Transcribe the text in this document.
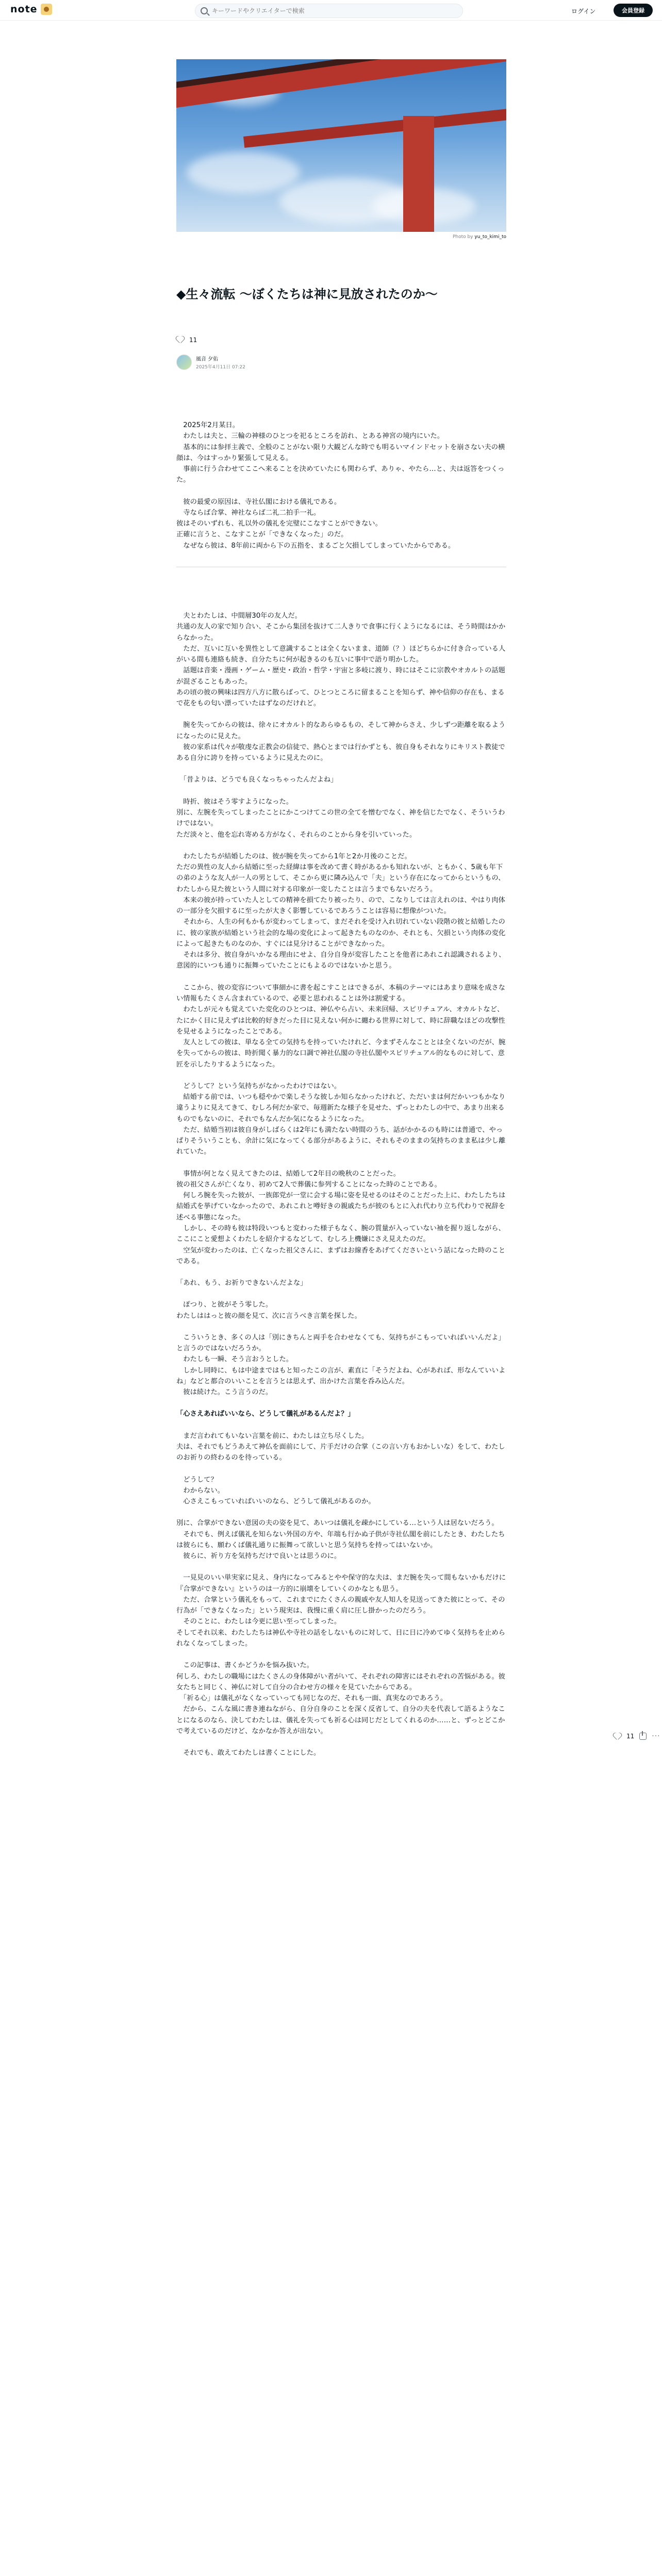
note
キーワードやクリエイターで検索	ログイン	会員登録
Photo by yu_to_kimi_to
◆生々流転 〜ぼくたちは神に見放されたのか〜
11
風音 夕佑
2025年4月11日 07:22

　2025年2月某日。

　わたしは夫と、三輪の神様のひとつを祀るところを訪れ、とある神宮の境内にいた。

　基本的には参拝主義で、全般のことがない限り大観どんな時でも明るいマインドセットを崩さない夫の横顔は、今はすっかり緊張して見える。

　事前に行う合わせてここへ来ることを決めていたにも関わらず、ありゃ、やたら…と、夫は返答をつくった。

　彼の最愛の原因は、寺社仏閣における儀礼である。

　寺ならば合掌、神社ならば二礼二拍手一礼。

彼はそのいずれも、礼以外の儀礼を完璧にこなすことができない。

正確に言うと、こなすことが「できなくなった」のだ。

　なぜなら彼は、8年前に両から下の五指を、まるごと欠損してしまっていたからである。

　夫とわたしは、中間層30年の友人だ。

共通の友人の家で知り合い、そこから集団を抜けて二人きりで食事に行くようになるには、そう時間はかからなかった。

　ただ、互いに互いを異性として意識することは全くないまま、道師（？）ほどちらかに付き合っている人がいる間も連絡も続き、自分たちに何が起きるのも互いに事中で語り明かした。

　話題は音楽・漫画・ゲーム・歴史・政治・哲学・宇宙と多岐に渡り、時にはそこに宗教やオカルトの話題が混ざることもあった。

あの頃の彼の興味は四方八方に散らばって、ひとつところに留まることを知らず、神や信仰の存在も、まるで花をもの匂い漂っていたはずなのだけれど。

　腕を失ってからの彼は、徐々にオカルト的なあらゆるもの、そして神からさえ、少しずつ距離を取るようになったのに見えた。

　彼の家系は代々が敬虔な正教会の信徒で、熱心とまでは行かずとも、彼自身もそれなりにキリスト教徒である自分に誇りを持っているように見えたのに。

　「昔よりは、どうでも良くなっちゃったんだよね」

　時折、彼はそう零すようになった。

別に、左腕を失ってしまったことにかこつけてこの世の全てを憎むでなく、神を信じたでなく、そういうわけではない。

ただ淡々と、他を忘れ寄める方がなく、それらのことから身を引いていった。

　わたしたちが結婚したのは、彼が腕を失ってから1年と2か月後のことだ。

ただの異性の友人から結婚に至った経緯は事を改めて書く時があるかも知れないが、ともかく、5歳も年下の弟のような友人が一人の男として、そこから更に隣み込んで「夫」という存在になってからというもの、わたしから見た彼という人間に対する印象が一変したことは言うまでもないだろう。

　本来の彼が持っていた人としての精神を損てたり被ったり、ので、こなりしては言えれのは、やはり肉体の一部分を欠損するに至ったが大きく影響しているであろうことは容易に想像がついた。

　それから、人生の何もかもが変わってしまって、まだそれを受け入れ切れていない段階の彼と結婚したのに、彼の家族が結婚という社会的な場の変化によって起きたものなのか、それとも、欠損という肉体の変化によって起きたものなのか、すぐには見分けることができなかった。

　それは多分、彼自身がいかなる理由にせよ、自分自身が変容したことを他者にあれこれ認識されるより、意図的にいつも通りに振舞っていたことにもよるのではないかと思う。

　ここから、彼の変容について事細かに書を起こすことはできるが、本稿のテーマにはあまり意味を成さない情報もたくさん含まれているので、必要と思われることは外は割愛する。

　わたしが元々も覚えていた変化のひとつは、神仏やら占い、未来回帰、スピリチュアル、オカルトなど、たにかく目に見えずは比較的好きだった目に見えない何かに纏わる世界に対して、時に辞職なほどの攻撃性を見せるようになったことである。

　友人としての彼は、単なる全ての気持ちを持っていたけれど、今まずそんなこととは全くないのだが、腕を失ってからの彼は、時折聞く暴力的な口調で神社仏閣の寺社仏閣やスピリチュアル的なものに対して、意匠を示したりするようになった。

　どうして？という気持ちがなかったわけではない。

　結婚する前では、いつも穏やかで楽しそうな彼しか知らなかったけれど、ただいまは何だかいつもかなり違うよりに見えてきて、むしろ何だか家で、毎週新たな様子を見せた、ずっとわたしの中で、あまり出来るものでもないのに、それでもなんだか気になるようになった。

　ただ、結婚当初は彼自身がしばらくは2年にも満たない時間のうち、話がかかるのも時には普通で、やっぱりそういうことも、余計に気になってくる部分があるように、それもそのままの気持ちのまま私は少し離れていた。

　事情が何となく見えてきたのは、結婚して2年目の晩秋のことだった。

彼の祖父さんが亡くなり、初めて2人で葬儀に参列することになった時のことである。

　何しろ腕を失った彼が、一族郎党が一堂に会する場に姿を見せるのはそのことだった上に、わたしたちは結婚式を挙げていなかったので、あれこれと噂好きの親戚たちが彼のもとに入れ代わり立ち代わりで祝辞を述べる事態になった。

　しかし、その時も彼は特段いつもと変わった様子もなく、腕の質量が入っていない袖を握り返しながら、ここにこと愛想よくわたしを紹介するなどして、むしろ上機嫌にさえ見えたのだ。

　空気が変わったのは、亡くなった祖父さんに、まずはお線香をあげてくださいという話になった時のことである。

「あれ、もう、お祈りできないんだよな」

　ぽつり、と彼がそう零した。

わたしははっと彼の顔を見て、次に言うべき言葉を探した。

　こういうとき、多くの人は「別にきちんと両手を合わせなくても、気持ちがこもっていればいいんだよ」と言うのではないだろうか。

　わたしも一瞬、そう言おうとした。

　しかし同時に、もは中途まではもと知ったこの言が、素直に「そうだよね、心があれば、形なんていいよね」などと都合のいいことを言うとは思えず、出かけた言葉を呑み込んだ。

　彼は続けた。こう言うのだ。

「心さえあればいいなら、どうして儀礼があるんだよ？」

　まだ言われてもいない言葉を前に、わたしは立ち尽くした。

夫は、それでもどうあえて神仏を面前にして、片手だけの合掌（この言い方もおかしいな）をして、わたしのお祈りの終わるのを待っている。

　どうして？

　わからない。

　心さえこもっていればいいのなら、どうして儀礼があるのか。

別に、合掌ができない意図の夫の姿を見て、あいつは儀礼を疎かにしている…という人は居ないだろう。

　それでも、例えば儀礼を知らない外国の方や、年端も行かぬ子供が寺社仏閣を前にしたとき、わたしたちは彼らにも、願わくば儀礼通りに振舞って欲しいと思う気持ちを持ってはいないか。

　彼らに、祈り方を気持ちだけで良いとは思うのに。

　一見見のいい単実家に見え、身内になってみるとやや保守的な夫は、まだ腕を失って間もないかもだけに『合掌ができない』というのは一方的に崩壊をしていくのかなとも思う。

　ただ、合掌という儀礼をもって、これまでにたくさんの親戚や友人知人を見送ってきた彼にとって、その行為が「できなくなった」という現実は、我慢に重く肩に圧し掛かったのだろう。

　そのことに、わたしは今更に思い至ってしまった。

そしてそれ以来、わたしたちは神仏や寺社の話をしないものに対して、日に日に冷めてゆく気持ちを止められなくなってしまった。

　この記事は、書くかどうかを悩み抜いた。

何しろ、わたしの職場にはたくさんの身体障がい者がいて、それぞれの障害にはそれぞれの苦悩がある。彼女たちと同じく、神仏に対して自分の合わせ方の様々を見ていたからである。

　「祈る心」は儀礼がなくなっていっても同じなのだ、それも一面、真実なのであろう。

　だから、こんな風に書き連ねながら、自分自身のことを深く反省して、自分の夫を代表して語るようなことになるのなら、決してわたしは、儀礼を失っても祈る心は同じだとしてくれるのか……と、ずっとどこかで考えているのだけど、なかなか答えが出ない。

　それでも、敢えてわたしは書くことにした。

11 ···
